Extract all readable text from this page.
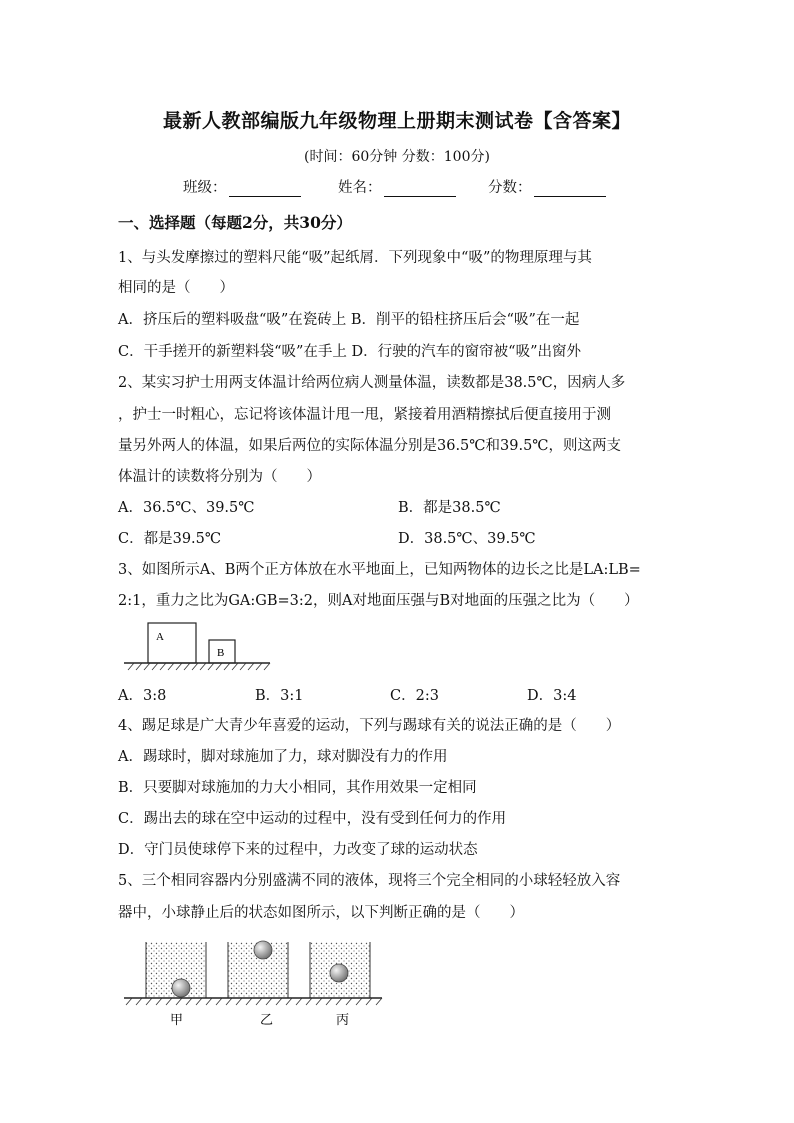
最新人教部编版九年级物理上册期末测试卷【含答案】
(时间：60分钟 分数：100分)
班级：	姓名：	分数：
一、选择题（每题2分，共30分）
1、与头发摩擦过的塑料尺能“吸”起纸屑．下列现象中“吸”的物理原理与其
相同的是（　　）
A．挤压后的塑料吸盘“吸”在瓷砖上 B．削平的铅柱挤压后会“吸”在一起
C．干手搓开的新塑料袋“吸”在手上 D．行驶的汽车的窗帘被“吸”出窗外
2、某实习护士用两支体温计给两位病人测量体温，读数都是38.5℃，因病人多
，护士一时粗心，忘记将该体温计甩一甩，紧接着用酒精擦拭后便直接用于测
量另外两人的体温，如果后两位的实际体温分别是36.5℃和39.5℃，则这两支
体温计的读数将分别为（　　）
A．36.5℃、39.5℃	B．都是38.5℃
C．都是39.5℃	D．38.5℃、39.5℃
3、如图所示A、B两个正方体放在水平地面上，已知两物体的边长之比是LA:LB=
2:1，重力之比为GA:GB=3:2，则A对地面压强与B对地面的压强之比为（　　）
A
B
A．3:8	B．3:1	C．2:3	D．3:4
4、踢足球是广大青少年喜爱的运动，下列与踢球有关的说法正确的是（　　）
A．踢球时，脚对球施加了力，球对脚没有力的作用
B．只要脚对球施加的力大小相同，其作用效果一定相同
C．踢出去的球在空中运动的过程中，没有受到任何力的作用
D．守门员使球停下来的过程中，力改变了球的运动状态
5、三个相同容器内分别盛满不同的液体，现将三个完全相同的小球轻轻放入容
器中，小球静止后的状态如图所示，以下判断正确的是（　　）
甲	乙	丙
